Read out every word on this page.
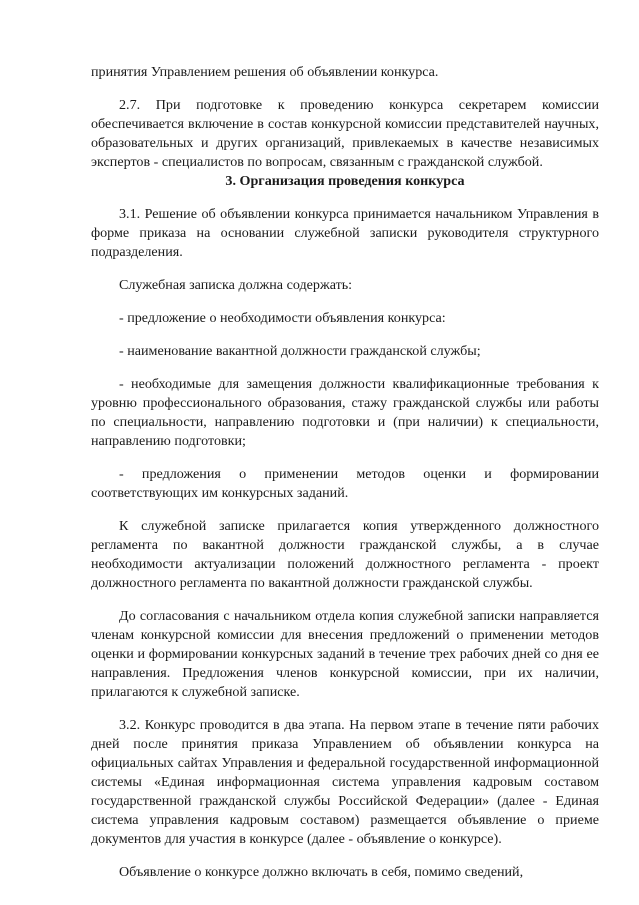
принятия Управлением решения об объявлении конкурса.

2.7. При подготовке к проведению конкурса секретарем комиссии обеспечивается включение в состав конкурсной комиссии представителей научных, образовательных и других организаций, привлекаемых в качестве независимых экспертов - специалистов по вопросам, связанным с гражданской службой.

3. Организация проведения конкурса

3.1. Решение об объявлении конкурса принимается начальником Управления в форме приказа на основании служебной записки руководителя структурного подразделения.

Служебная записка должна содержать:

- предложение о необходимости объявления конкурса:

- наименование вакантной должности гражданской службы;

- необходимые для замещения должности квалификационные требования к уровню профессионального образования, стажу гражданской службы или работы по специальности, направлению подготовки и (при наличии) к специальности, направлению подготовки;

- предложения о применении методов оценки и формировании соответствующих им конкурсных заданий.

К служебной записке прилагается копия утвержденного должностного регламента по вакантной должности гражданской службы, а в случае необходимости актуализации положений должностного регламента - проект должностного регламента по вакантной должности гражданской службы.

До согласования с начальником отдела копия служебной записки направляется членам конкурсной комиссии для внесения предложений о применении методов оценки и формировании конкурсных заданий в течение трех рабочих дней со дня ее направления. Предложения членов конкурсной комиссии, при их наличии, прилагаются к служебной записке.

3.2. Конкурс проводится в два этапа. На первом этапе в течение пяти рабочих дней после принятия приказа Управлением об объявлении конкурса на официальных сайтах Управления и федеральной государственной информационной системы «Единая информационная система управления кадровым составом государственной гражданской службы Российской Федерации» (далее - Единая система управления кадровым составом) размещается объявление о приеме документов для участия в конкурсе (далее - объявление о конкурсе).

Объявление о конкурсе должно включать в себя, помимо сведений,
